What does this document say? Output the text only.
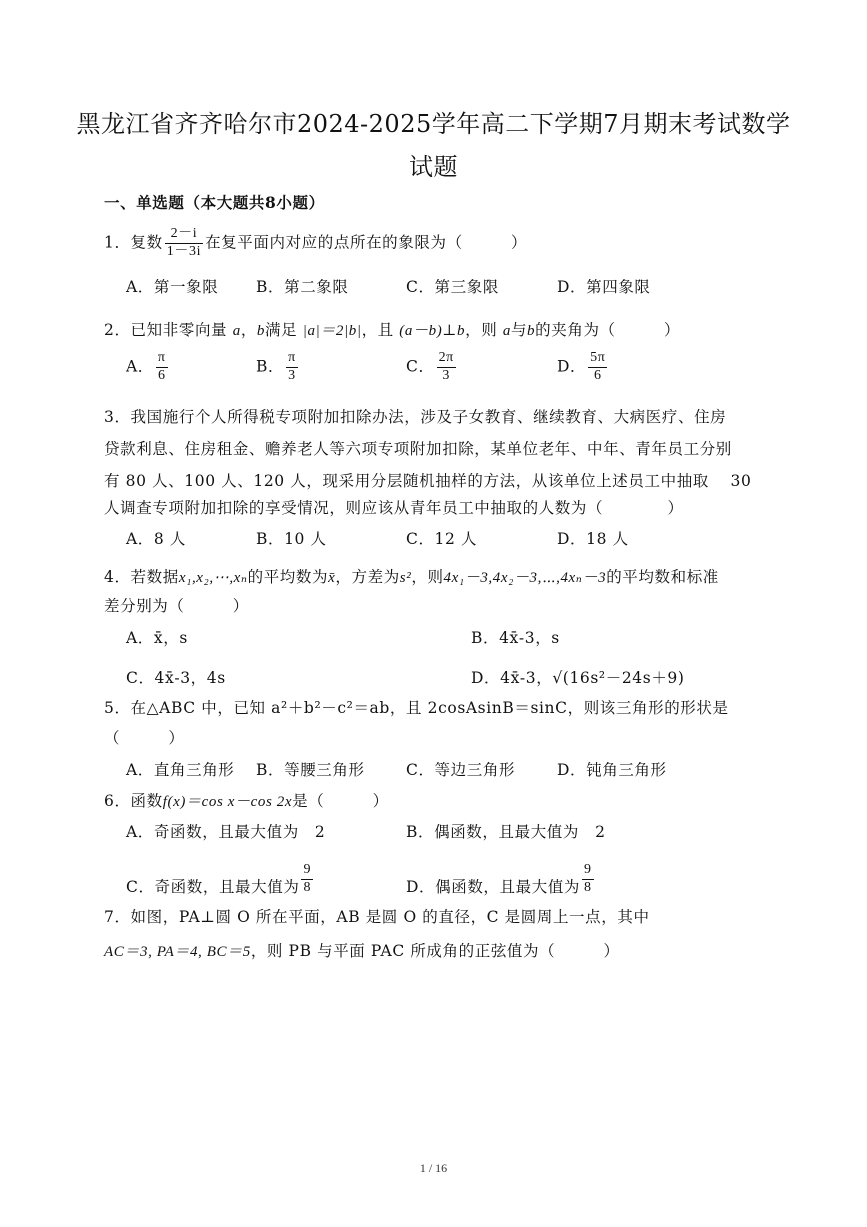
黑龙江省齐齐哈尔市2024-2025学年高二下学期7月期末考试数学
试题
一、单选题（本大题共8小题）
1．复数 $\frac{2-i}{1-3i}$ 在复平面内对应的点所在的象限为（　　　）
A．第一象限 B．第二象限	C．第三象限	D．第四象限
2．已知非零向量 a，b满足 |a|＝2|b|，且 (a－b)⊥b，则 a与b的夹角为（　　　）
A． $\frac{\pi}{6}$	B． $\frac{\pi}{3}$	C． $\frac{2\pi}{3}$	D． $\frac{5\pi}{6}$
3．我国施行个人所得税专项附加扣除办法，涉及子女教育、继续教育、大病医疗、住房
贷款利息、住房租金、赡养老人等六项专项附加扣除，某单位老年、中年、青年员工分别
有 80 人、100 人、120 人，现采用分层随机抽样的方法，从该单位上述员工中抽取　 30
人调查专项附加扣除的享受情况，则应该从青年员工中抽取的人数为（　　　　）
A．8 人	B．10 人	C．12 人	D．18 人
4．若数据x₁,x₂,⋯,xₙ的平均数为x̄，方差为s²，则4x₁－3,4x₂－3,⋯,4xₙ－3的平均数和标准
差分别为（　　　）
A．x̄，s	B．4x̄-3，s
C．4x̄-3，4s	D．4x̄-3，√(16s²－24s＋9)
5．在△ABC 中，已知 a²＋b²－c²＝ab，且 2cosAsinB＝sinC，则该三角形的形状是
（　　　）
A．直角三角形 B．等腰三角形	C．等边三角形	D．钝角三角形
6．函数f(x)＝cos x－cos 2x是（　　　）
A．奇函数，且最大值为　2	B．偶函数，且最大值为　2
C．奇函数，且最大值为 $\frac{9}{8}$	D．偶函数，且最大值为 $\frac{9}{8}$
7．如图，PA⊥圆 O 所在平面，AB 是圆 O 的直径，C 是圆周上一点，其中
AC＝3, PA＝4, BC＝5，则 PB 与平面 PAC 所成角的正弦值为（　　　）
1 / 16
